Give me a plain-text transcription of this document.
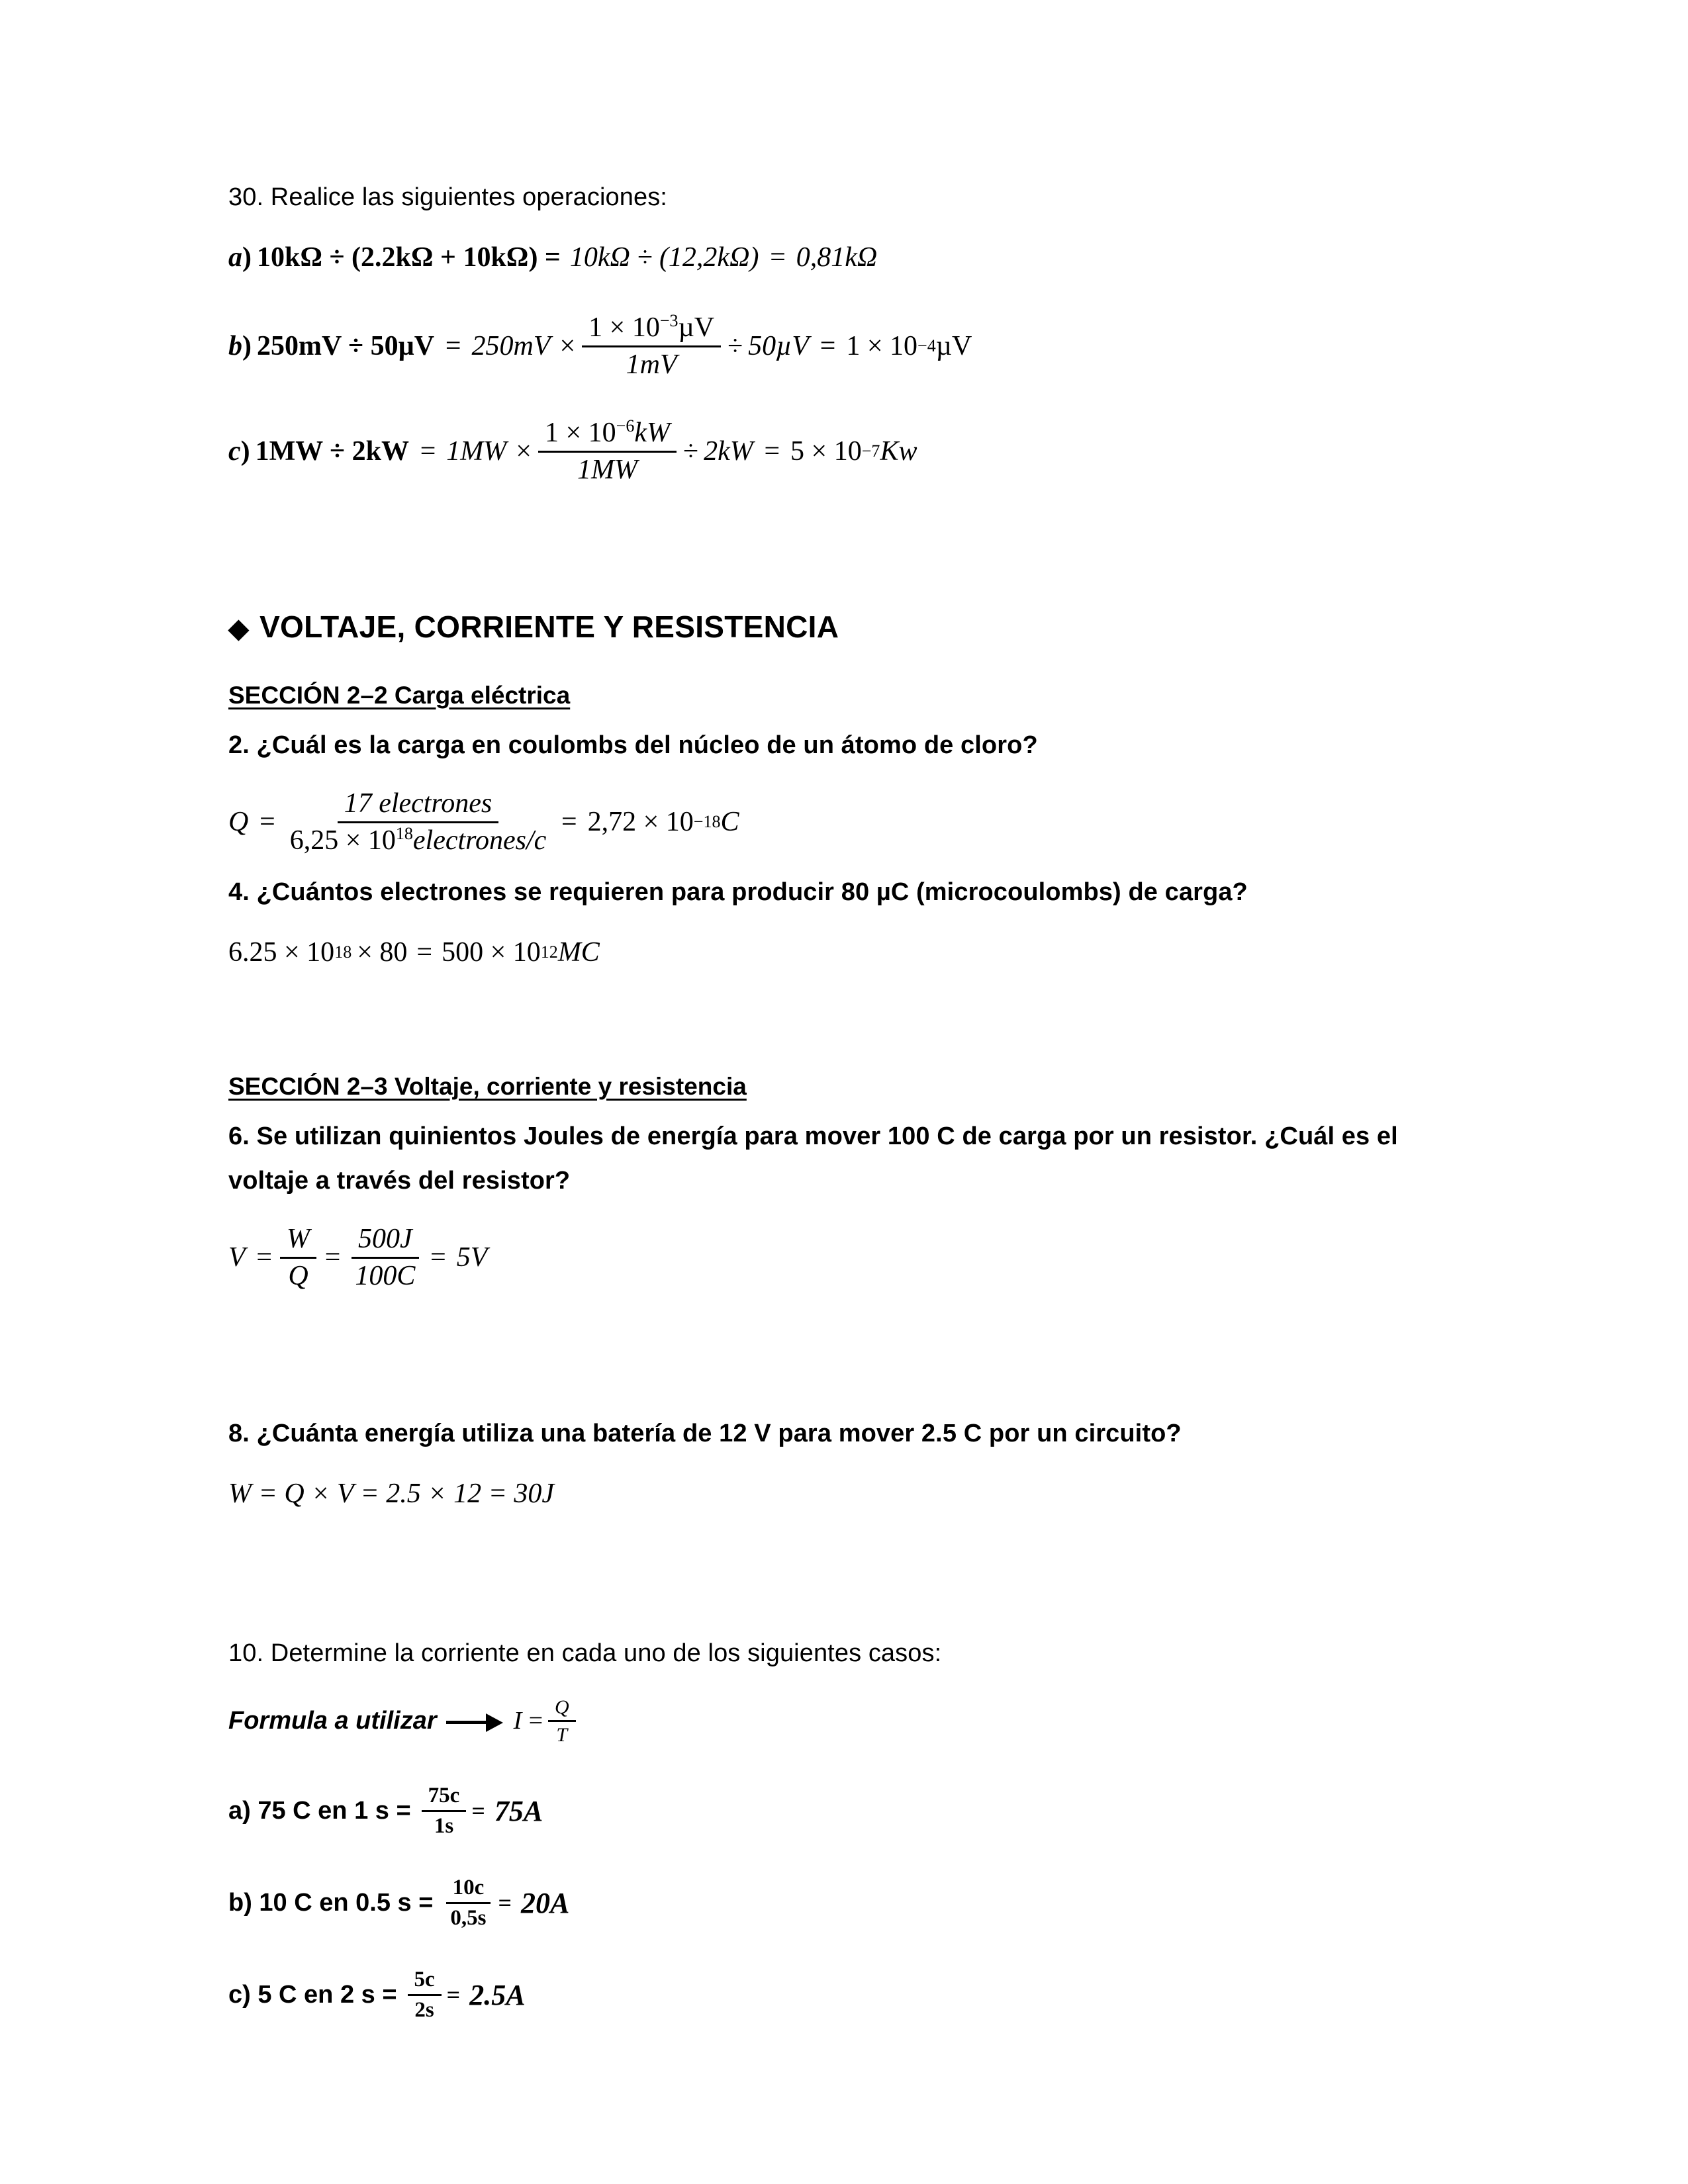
30. Realice las siguientes operaciones:

a ) 10kΩ ÷ (2.2kΩ + 10kΩ) = 10kΩ ÷ (12,2kΩ) = 0,81kΩ
b ) $250mV \div 50\mu V = 250mV \times \frac{1 \times 10^{-3}\mu V}{1mV} \div 50\mu V = 1 \times 10 -4$ µV
c ) $1MW \div 2kW = 1MW \times \frac{1 \times 10^{-6}kW}{1MW} \div 2kW = 5 \times 10 -7$ Kw
◆ VOLTAJE, CORRIENTE Y RESISTENCIA
SECCIÓN 2–2 Carga eléctrica

2. ¿Cuál es la carga en coulombs del núcleo de un átomo de cloro?

$Q = \frac{\text{17 electrones}}{6,25 \times 10^{18}electrones/c} = 2,72 \times 10 -18$ C

4. ¿Cuántos electrones se requieren para producir 80 µC (microcoulombs) de carga?

6.25 × 10 18 × 80 = 500 × 10 12 MC
SECCIÓN 2–3 Voltaje, corriente y resistencia

6. Se utilizan quinientos Joules de energía para mover 100 C de carga por un resistor. ¿Cuál es el

voltaje a través del resistor?

$V = \frac{W}{Q} = \frac{500J}{100C} = 5V$

8. ¿Cuánta energía utiliza una batería de 12 V para mover 2.5 C por un circuito?

W = Q × V = 2.5 × 12 = 30J

10. Determine la corriente en cada uno de los siguientes casos:

Formula a utilizar	$I = \frac{Q}{T}$
a) 75 C en 1 $s = \frac{75c}{1s} = 75A$
b) 10 C en 0.5 $s = \frac{10c}{0,5s} = 20A$
c) 5 C en 2 $s = \frac{5c}{2s} = 2.5A$
